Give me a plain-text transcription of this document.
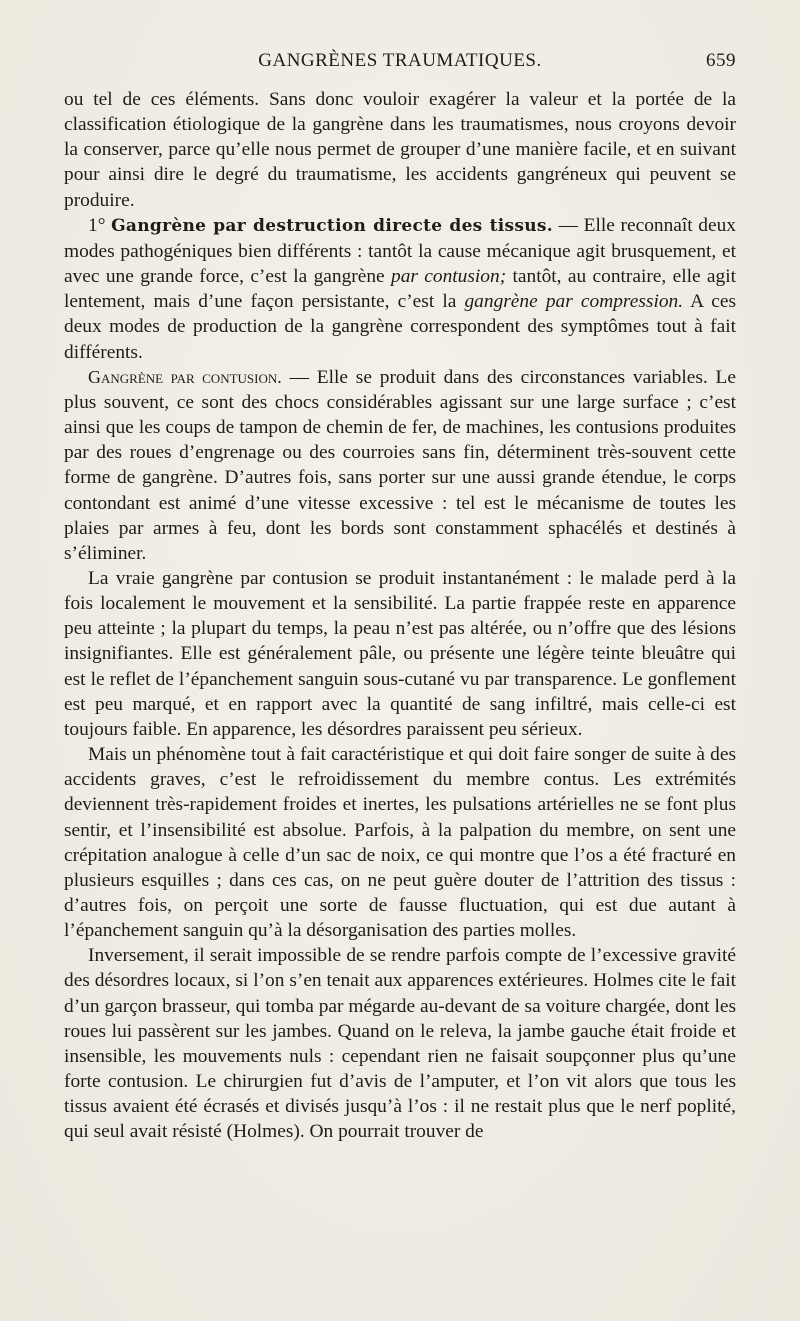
GANGRÈNES TRAUMATIQUES.	659

ou tel de ces éléments. Sans donc vouloir exagérer la valeur et la portée de la classification étiologique de la gangrène dans les traumatismes, nous croyons devoir la conserver, parce qu’elle nous permet de grouper d’une manière facile, et en suivant pour ainsi dire le degré du traumatisme, les accidents gangréneux qui peuvent se produire.

1° Gangrène par destruction directe des tissus. — Elle reconnaît deux modes pathogéniques bien différents : tantôt la cause mécanique agit brusquement, et avec une grande force, c’est la gangrène par contusion; tantôt, au contraire, elle agit lentement, mais d’une façon persistante, c’est la gangrène par compression. A ces deux modes de production de la gangrène correspondent des symptômes tout à fait différents.

Gangrène par contusion. — Elle se produit dans des circonstances variables. Le plus souvent, ce sont des chocs considérables agissant sur une large surface ; c’est ainsi que les coups de tampon de chemin de fer, de machines, les contusions produites par des roues d’engrenage ou des courroies sans fin, déterminent très-souvent cette forme de gangrène. D’autres fois, sans porter sur une aussi grande étendue, le corps contondant est animé d’une vitesse excessive : tel est le mécanisme de toutes les plaies par armes à feu, dont les bords sont constamment sphacélés et destinés à s’éliminer.

La vraie gangrène par contusion se produit instantanément : le malade perd à la fois localement le mouvement et la sensibilité. La partie frappée reste en apparence peu atteinte ; la plupart du temps, la peau n’est pas altérée, ou n’offre que des lésions insignifiantes. Elle est généralement pâle, ou présente une légère teinte bleuâtre qui est le reflet de l’épanchement sanguin sous-cutané vu par transparence. Le gonflement est peu marqué, et en rapport avec la quantité de sang infiltré, mais celle-ci est toujours faible. En apparence, les désordres paraissent peu sérieux.

Mais un phénomène tout à fait caractéristique et qui doit faire songer de suite à des accidents graves, c’est le refroidissement du membre contus. Les extrémités deviennent très-rapidement froides et inertes, les pulsations artérielles ne se font plus sentir, et l’insensibilité est absolue. Parfois, à la palpation du membre, on sent une crépitation analogue à celle d’un sac de noix, ce qui montre que l’os a été fracturé en plusieurs esquilles ; dans ces cas, on ne peut guère douter de l’attrition des tissus : d’autres fois, on perçoit une sorte de fausse fluctuation, qui est due autant à l’épanchement sanguin qu’à la désorganisation des parties molles.

Inversement, il serait impossible de se rendre parfois compte de l’excessive gravité des désordres locaux, si l’on s’en tenait aux apparences extérieures. Holmes cite le fait d’un garçon brasseur, qui tomba par mégarde au-devant de sa voiture chargée, dont les roues lui passèrent sur les jambes. Quand on le releva, la jambe gauche était froide et insensible, les mouvements nuls : cependant rien ne faisait soupçonner plus qu’une forte contusion. Le chirurgien fut d’avis de l’amputer, et l’on vit alors que tous les tissus avaient été écrasés et divisés jusqu’à l’os : il ne restait plus que le nerf poplité, qui seul avait résisté (Holmes). On pourrait trouver de
